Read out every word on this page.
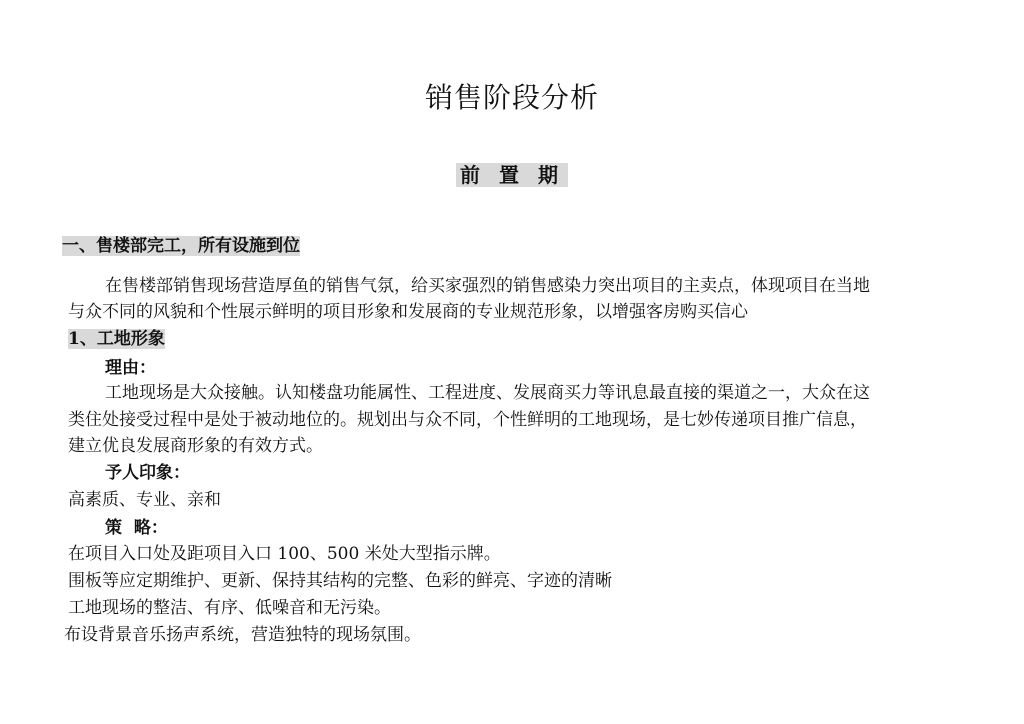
销售阶段分析
前 置 期
一、售楼部完工，所有设施到位
在售楼部销售现场营造厚鱼的销售气氛，给买家强烈的销售感染力突出项目的主卖点，体现项目在当地
与众不同的风貌和个性展示鲜明的项目形象和发展商的专业规范形象，以增强客房购买信心
1、工地形象
理由：
工地现场是大众接触。认知楼盘功能属性、工程进度、发展商买力等讯息最直接的渠道之一，大众在这
类住处接受过程中是处于被动地位的。规划出与众不同，个性鲜明的工地现场，是七妙传递项目推广信息，
建立优良发展商形象的有效方式。
予人印象：
高素质、专业、亲和
策  略：
在项目入口处及距项目入口 100、500 米处大型指示牌。
围板等应定期维护、更新、保持其结构的完整、色彩的鲜亮、字迹的清晰
工地现场的整洁、有序、低噪音和无污染。
布设背景音乐扬声系统，营造独特的现场氛围。
